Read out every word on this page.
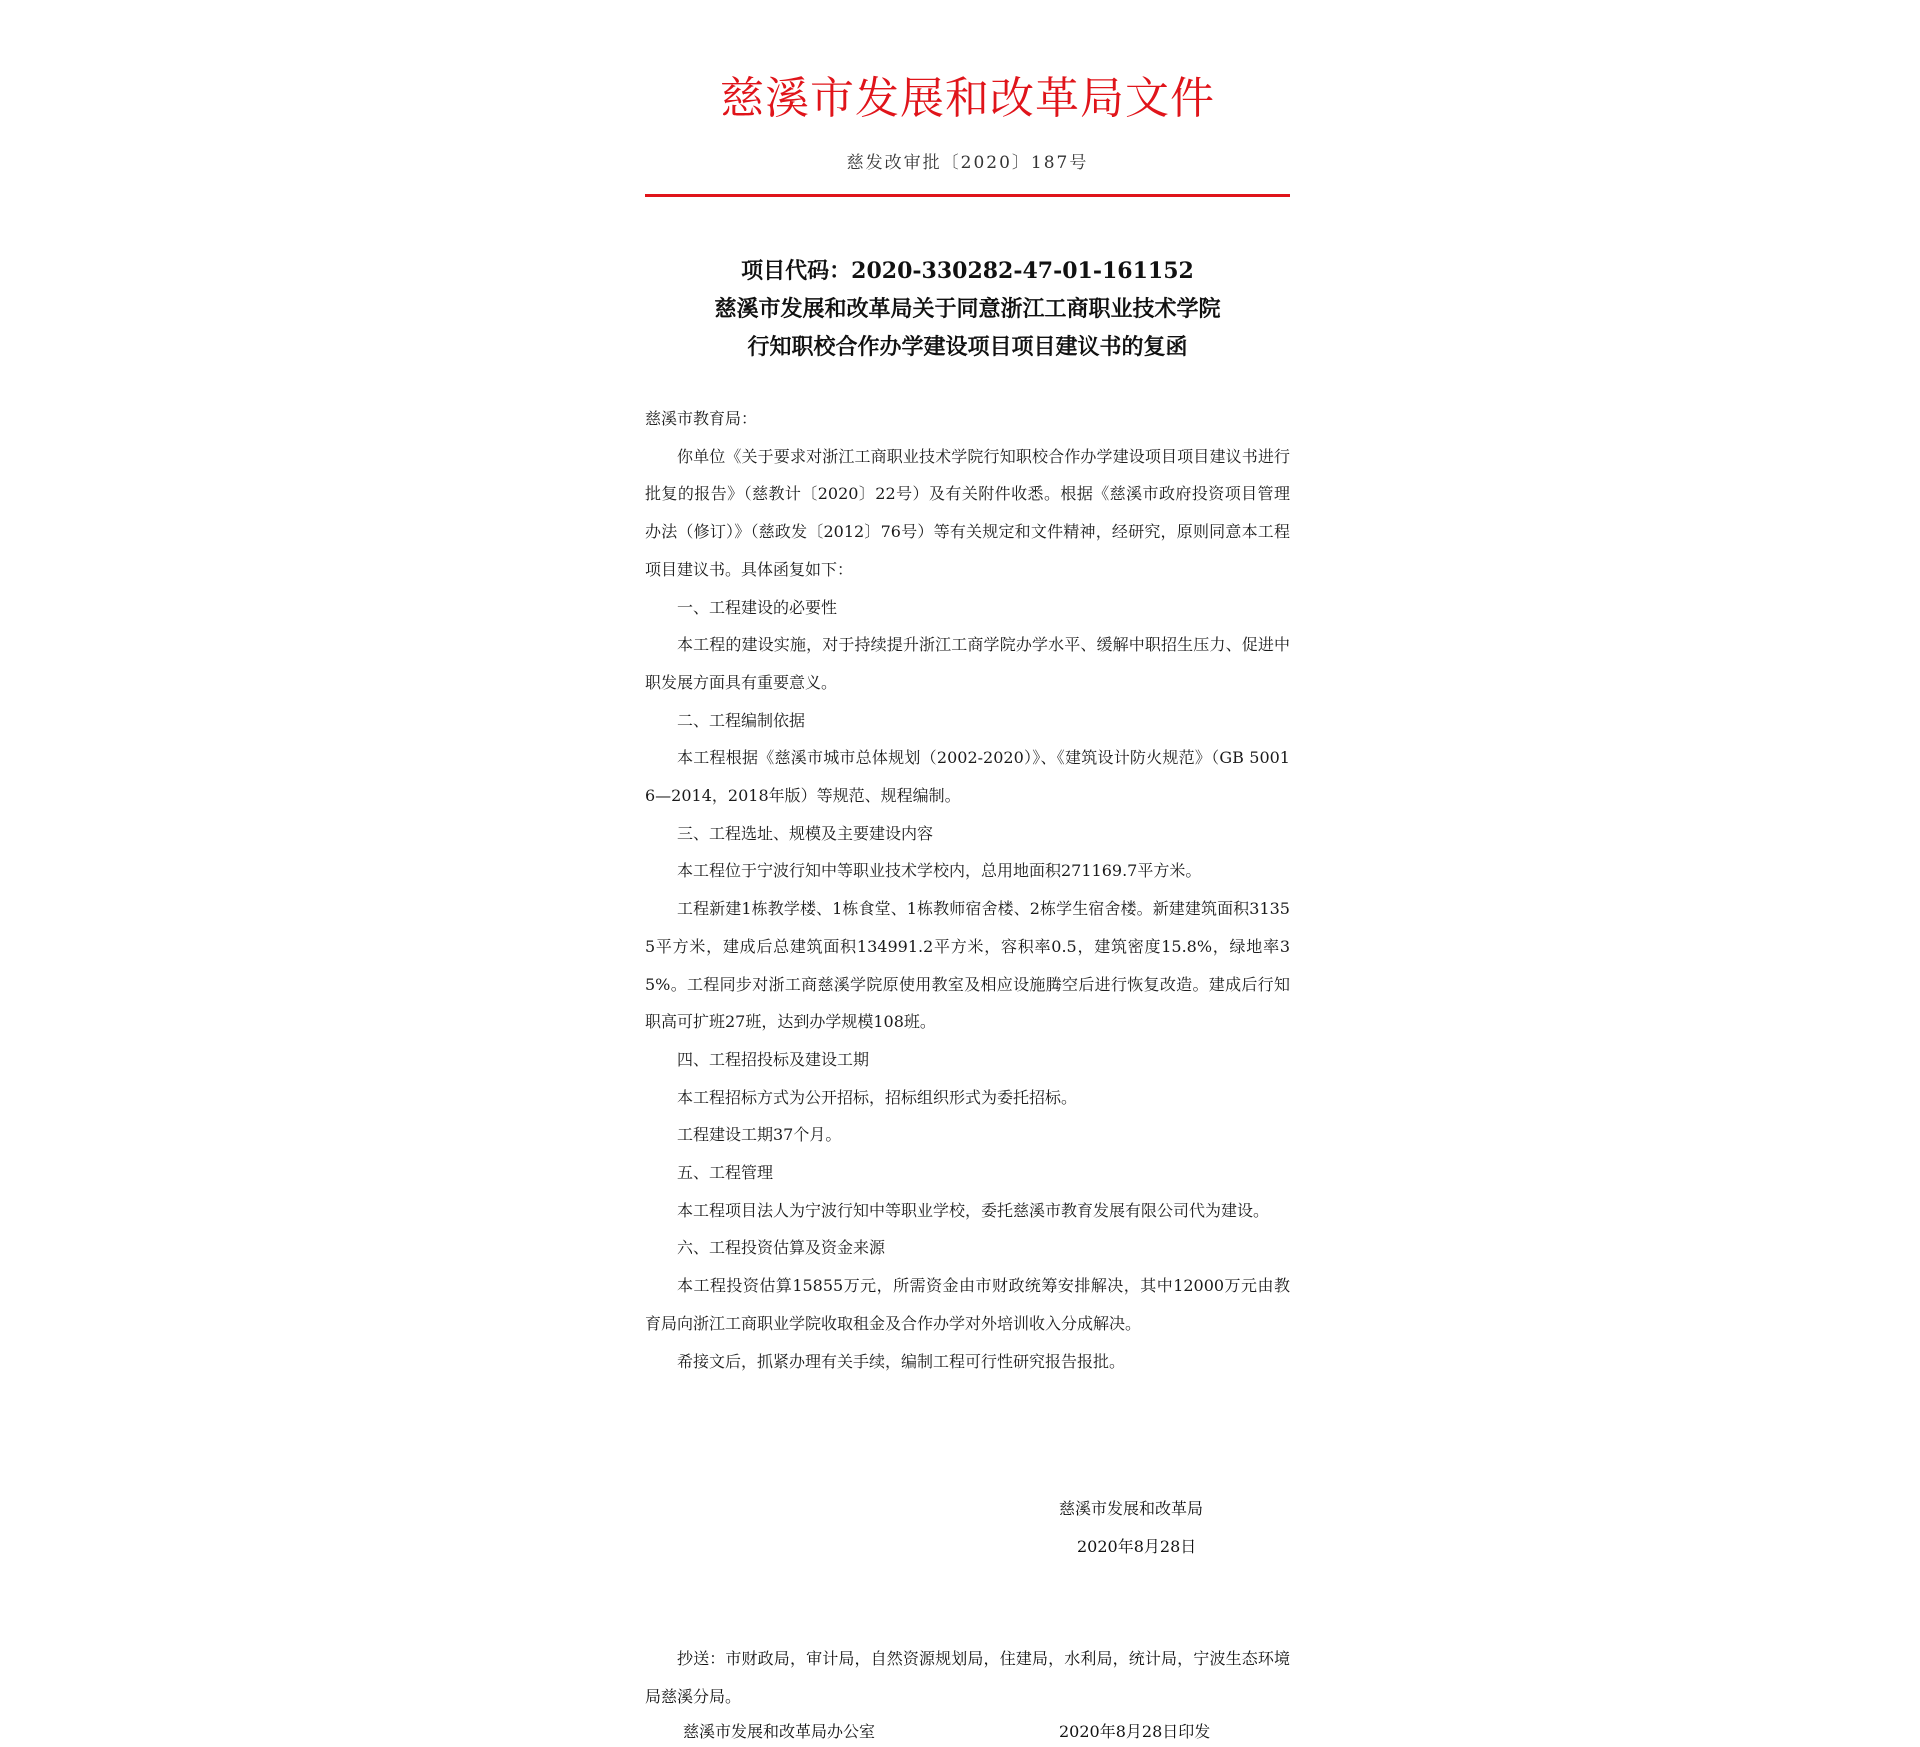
慈溪市发展和改革局文件
慈发改审批〔2020〕187号
项目代码：2020-330282-47-01-161152
慈溪市发展和改革局关于同意浙江工商职业技术学院
行知职校合作办学建设项目项目建议书的复函

慈溪市教育局：

你单位《关于要求对浙江工商职业技术学院行知职校合作办学建设项目项目建议书进行批复的报告》（慈教计〔2020〕22号）及有关附件收悉。根据《慈溪市政府投资项目管理办法（修订）》（慈政发〔2012〕76号）等有关规定和文件精神，经研究，原则同意本工程项目建议书。具体函复如下：

一、工程建设的必要性

本工程的建设实施，对于持续提升浙江工商学院办学水平、缓解中职招生压力、促进中职发展方面具有重要意义。

二、工程编制依据

本工程根据《慈溪市城市总体规划（2002-2020）》、《建筑设计防火规范》（GB 50016—2014，2018年版）等规范、规程编制。

三、工程选址、规模及主要建设内容

本工程位于宁波行知中等职业技术学校内，总用地面积271169.7平方米。

工程新建1栋教学楼、1栋食堂、1栋教师宿舍楼、2栋学生宿舍楼。新建建筑面积31355平方米，建成后总建筑面积134991.2平方米，容积率0.5，建筑密度15.8%，绿地率35%。工程同步对浙工商慈溪学院原使用教室及相应设施腾空后进行恢复改造。建成后行知职高可扩班27班，达到办学规模108班。

四、工程招投标及建设工期

本工程招标方式为公开招标，招标组织形式为委托招标。

工程建设工期37个月。

五、工程管理

本工程项目法人为宁波行知中等职业学校，委托慈溪市教育发展有限公司代为建设。

六、工程投资估算及资金来源

本工程投资估算15855万元，所需资金由市财政统筹安排解决，其中12000万元由教育局向浙江工商职业学院收取租金及合作办学对外培训收入分成解决。

希接文后，抓紧办理有关手续，编制工程可行性研究报告报批。

慈溪市发展和改革局
2020年8月28日

抄送：市财政局，审计局，自然资源规划局，住建局，水利局，统计局，宁波生态环境局慈溪分局。

慈溪市发展和改革局办公室	2020年8月28日印发
